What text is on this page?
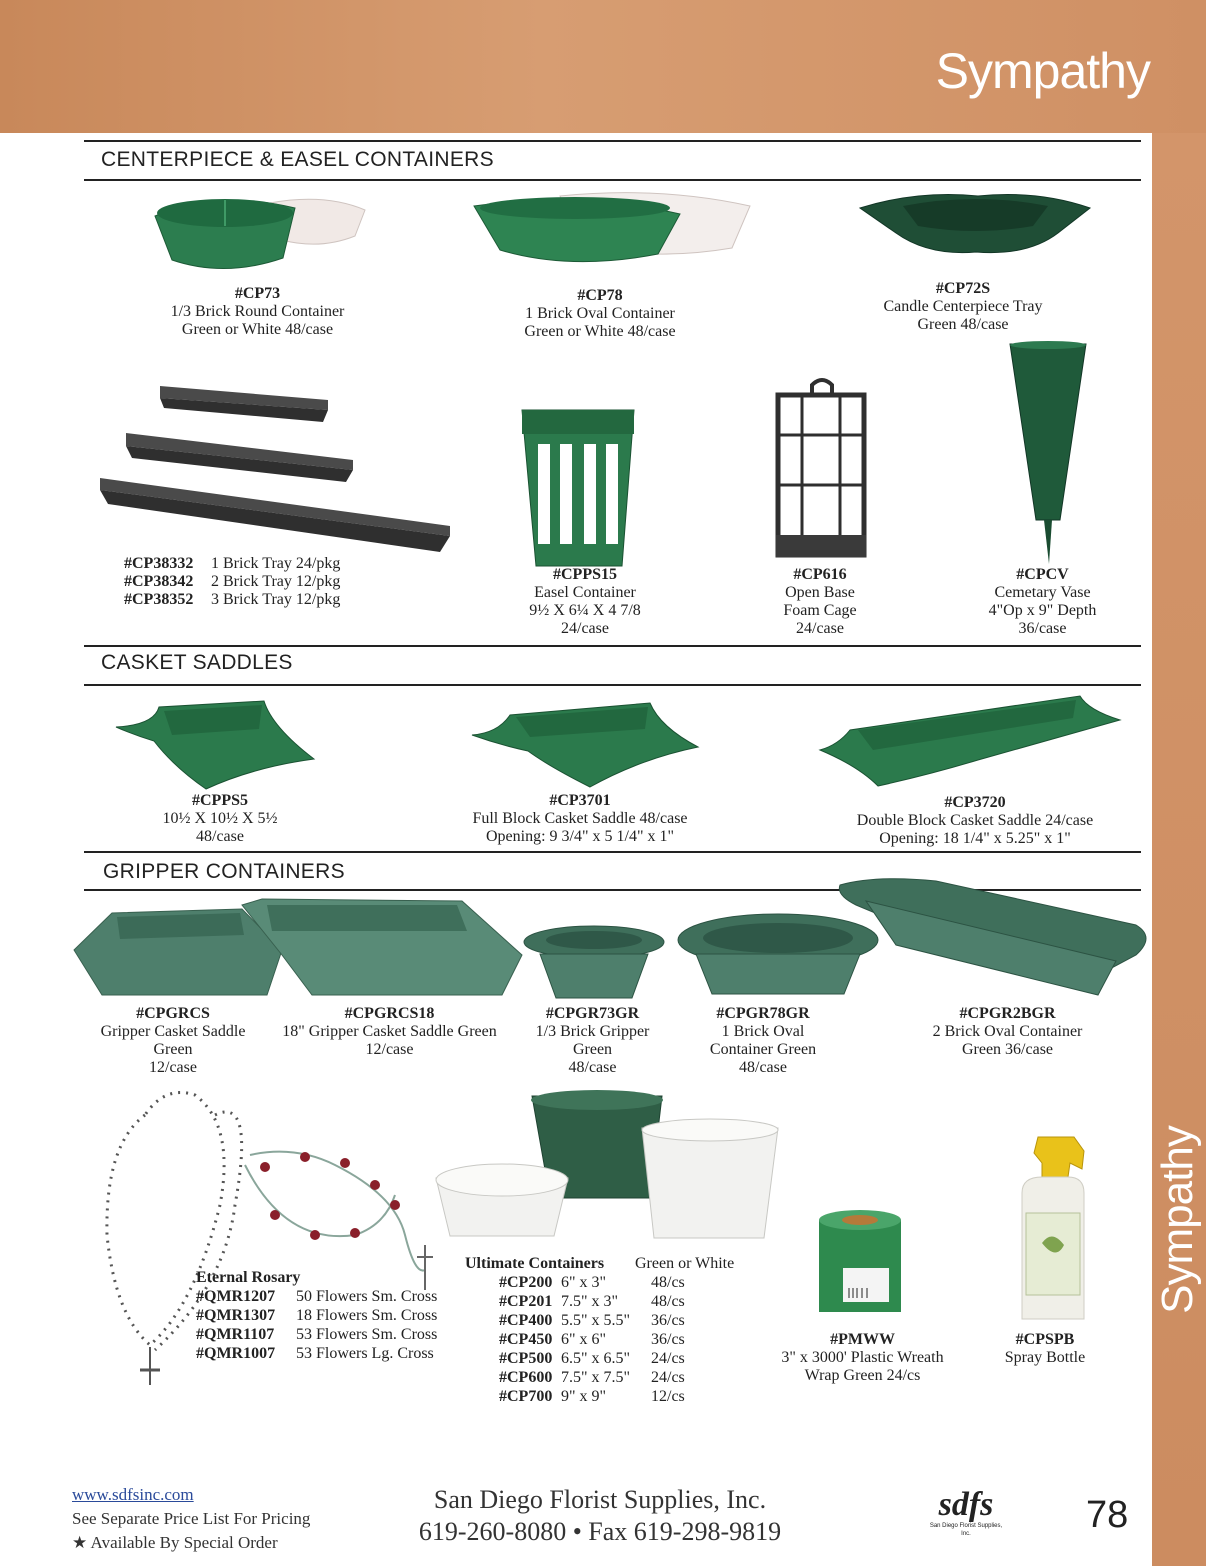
Sympathy
Sympathy
CENTERPIECE & EASEL CONTAINERS
#CP73
1/3 Brick Round Container
Green or White 48/case
#CP78
1 Brick Oval Container
Green or White 48/case
#CP72S
Candle Centerpiece Tray
Green 48/case
#CP38332 1 Brick Tray 24/pkg
#CP38342 2 Brick Tray 12/pkg
#CP38352 3 Brick Tray 12/pkg
#CPPS15
Easel Container
9½ X 6¼ X 4 7/8
24/case
#CP616
Open Base
Foam Cage
24/case
#CPCV
Cemetary Vase
4"Op x 9" Depth
36/case
CASKET SADDLES
#CPPS5
10½ X 10½ X 5½
48/case
#CP3701
Full Block Casket Saddle 48/case
Opening: 9 3/4" x 5 1/4" x 1"
#CP3720
Double Block Casket Saddle 24/case
Opening: 18 1/4" x 5.25" x 1"
GRIPPER CONTAINERS
#CPGRCS
Gripper Casket Saddle
Green
12/case
#CPGRCS18
18" Gripper Casket Saddle Green
12/case
#CPGR73GR
1/3 Brick Gripper
Green
48/case
#CPGR78GR
1 Brick Oval
Container Green
48/case
#CPGR2BGR
2 Brick Oval Container
Green 36/case
Eternal Rosary
#QMR1207 50 Flowers Sm. Cross
#QMR1307 18 Flowers Sm. Cross
#QMR1107 53 Flowers Sm. Cross
#QMR1007 53 Flowers Lg. Cross
Ultimate Containers Green or White
#CP200 6" x 3"	48/cs
#CP201 7.5" x 3" 48/cs
#CP400 5.5" x 5.5" 36/cs
#CP450 6" x 6"	36/cs
#CP500 6.5" x 6.5" 24/cs
#CP600 7.5" x 7.5" 24/cs
#CP700 9" x 9"	12/cs
#PMWW
3" x 3000' Plastic Wreath
Wrap Green 24/cs
#CPSPB
Spray Bottle
www.sdfsinc.com
See Separate Price List For Pricing
★ Available By Special Order
San Diego Florist Supplies, Inc.
619-260-8080 • Fax 619-298-9819
sdfs
San Diego Florist Supplies, Inc.	78
